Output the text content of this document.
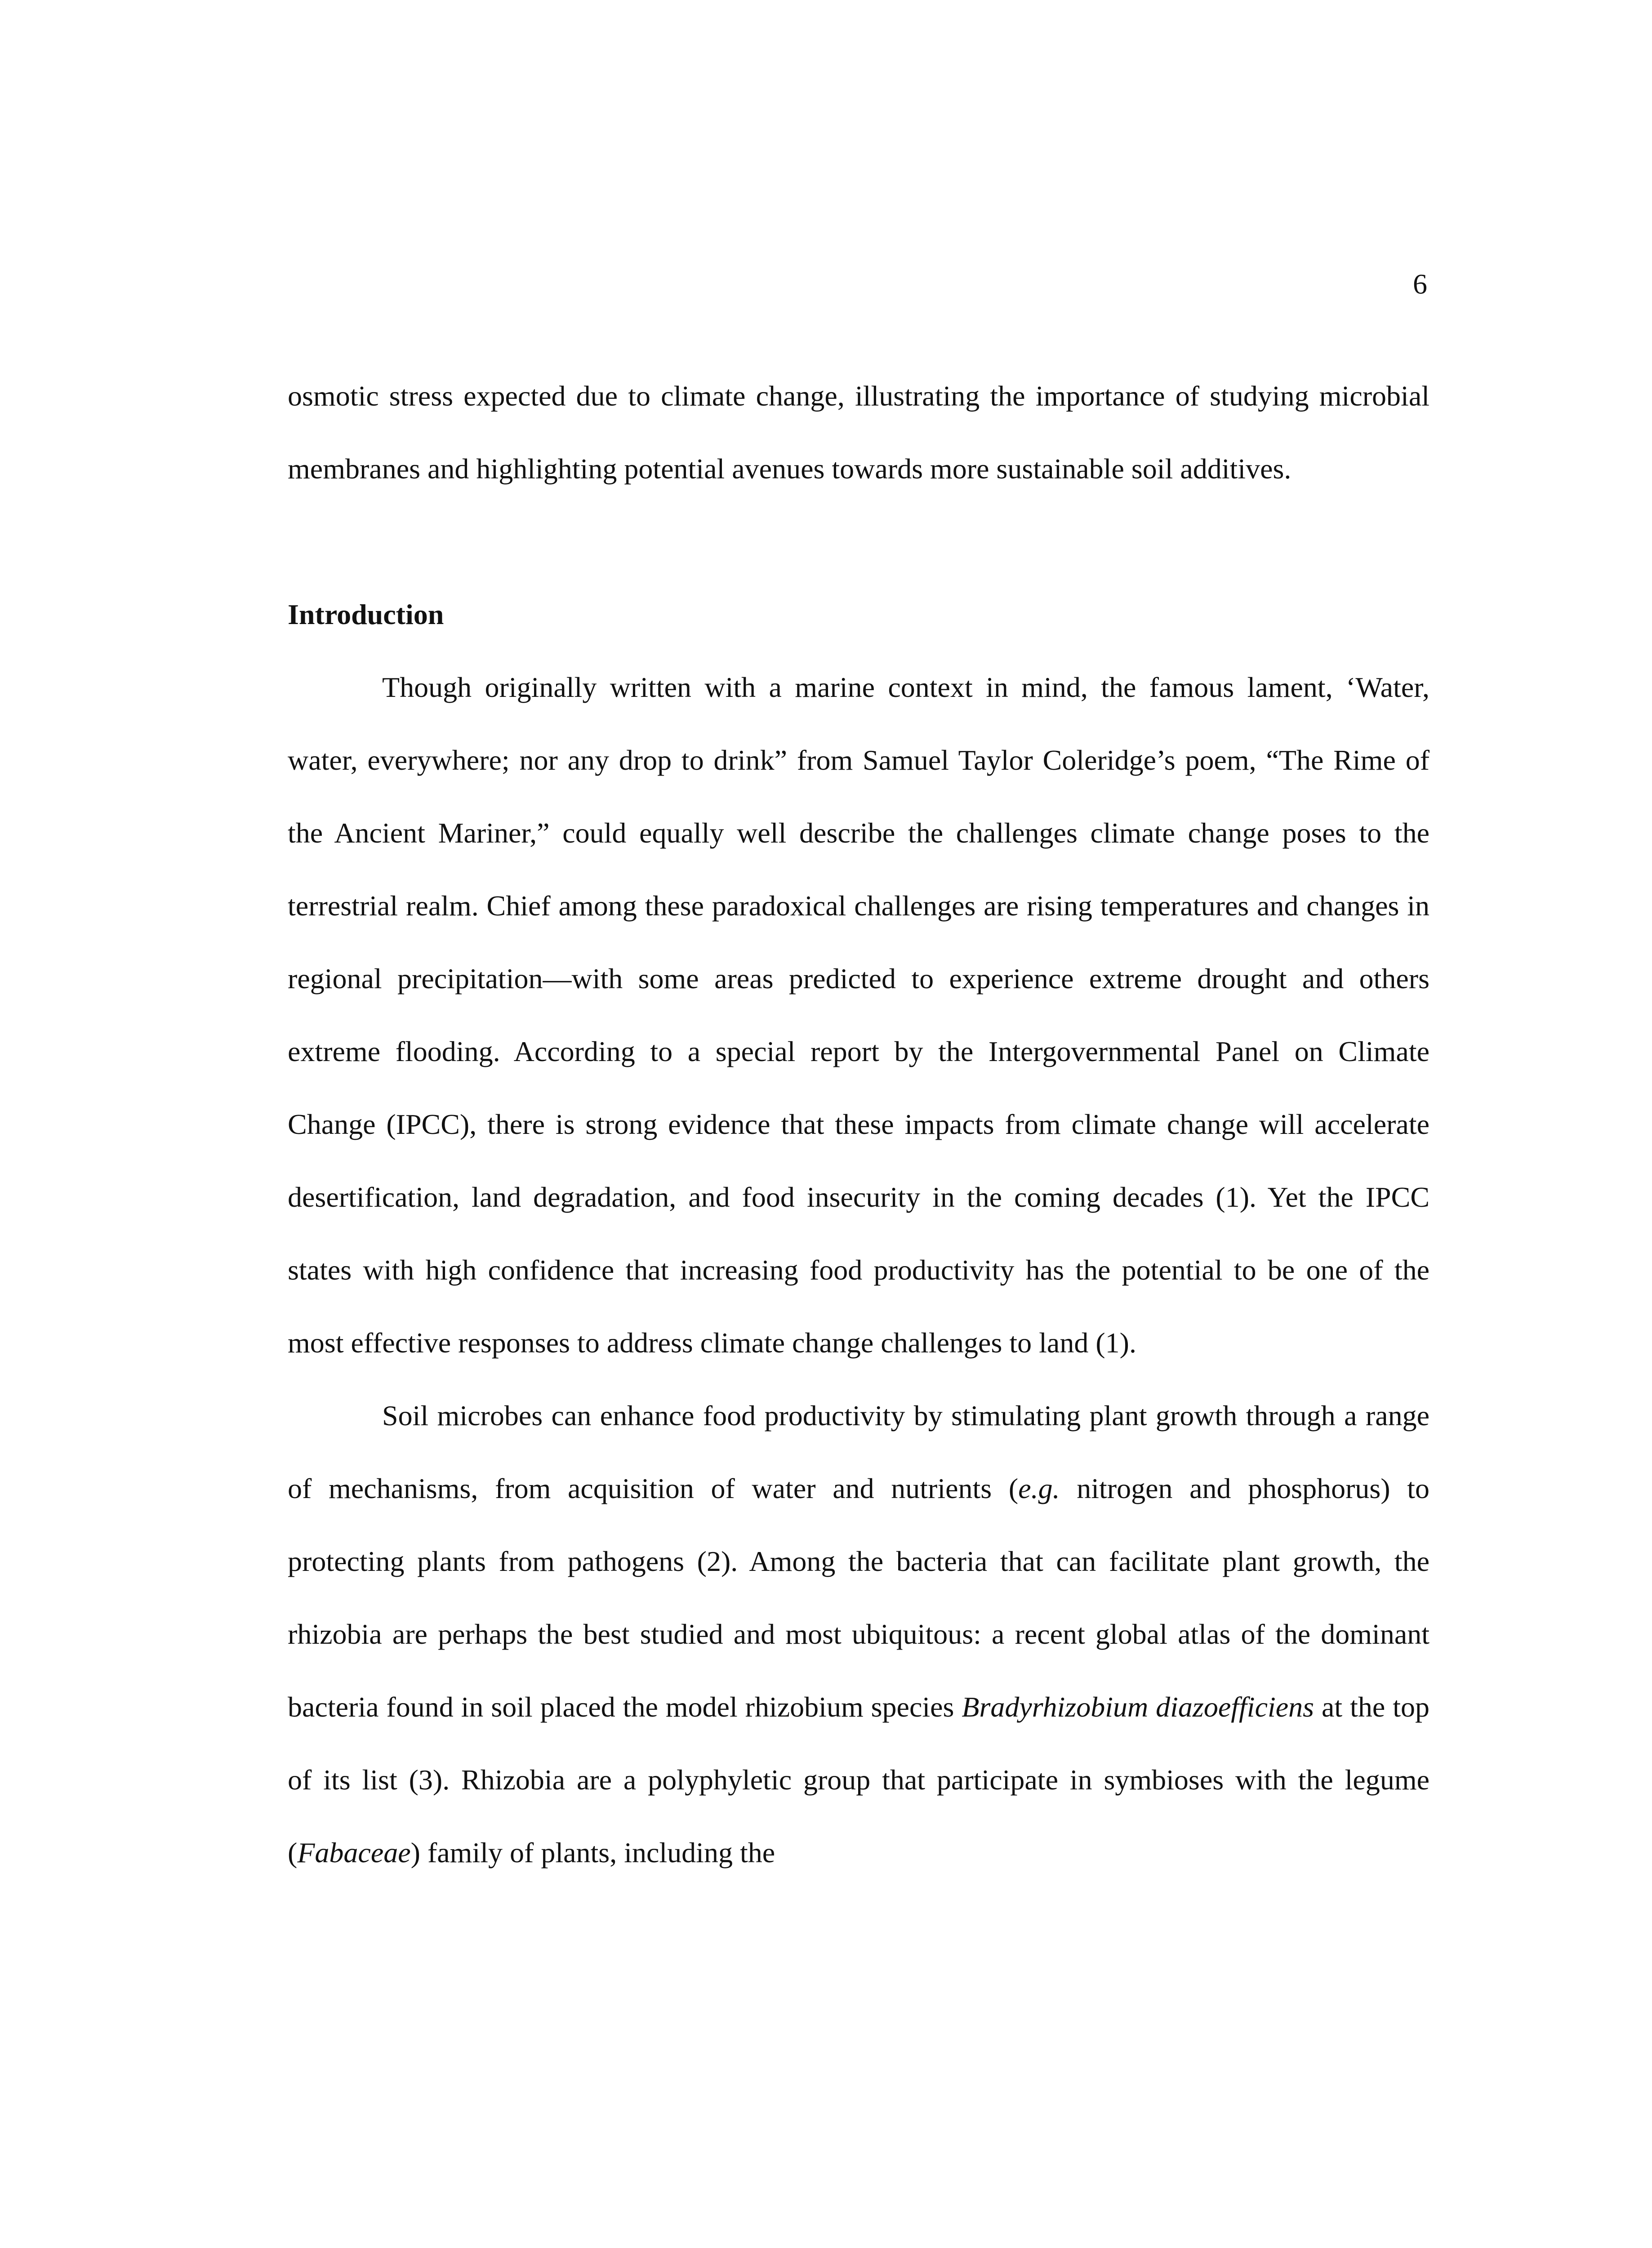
6

osmotic stress expected due to climate change, illustrating the importance of studying microbial membranes and highlighting potential avenues towards more sustainable soil additives.

Introduction

Though originally written with a marine context in mind, the famous lament, ‘Water, water, everywhere; nor any drop to drink” from Samuel Taylor Coleridge’s poem, “The Rime of the Ancient Mariner,” could equally well describe the challenges climate change poses to the terrestrial realm. Chief among these paradoxical challenges are rising temperatures and changes in regional precipitation—with some areas predicted to experience extreme drought and others extreme flooding. According to a special report by the Intergovernmental Panel on Climate Change (IPCC), there is strong evidence that these impacts from climate change will accelerate desertification, land degradation, and food insecurity in the coming decades (1). Yet the IPCC states with high confidence that increasing food productivity has the potential to be one of the most effective responses to address climate change challenges to land (1).

Soil microbes can enhance food productivity by stimulating plant growth through a range of mechanisms, from acquisition of water and nutrients (e.g. nitrogen and phosphorus) to protecting plants from pathogens (2). Among the bacteria that can facilitate plant growth, the rhizobia are perhaps the best studied and most ubiquitous: a recent global atlas of the dominant bacteria found in soil placed the model rhizobium species Bradyrhizobium diazoefficiens at the top of its list (3). Rhizobia are a polyphyletic group that participate in symbioses with the legume (Fabaceae) family of plants, including the
